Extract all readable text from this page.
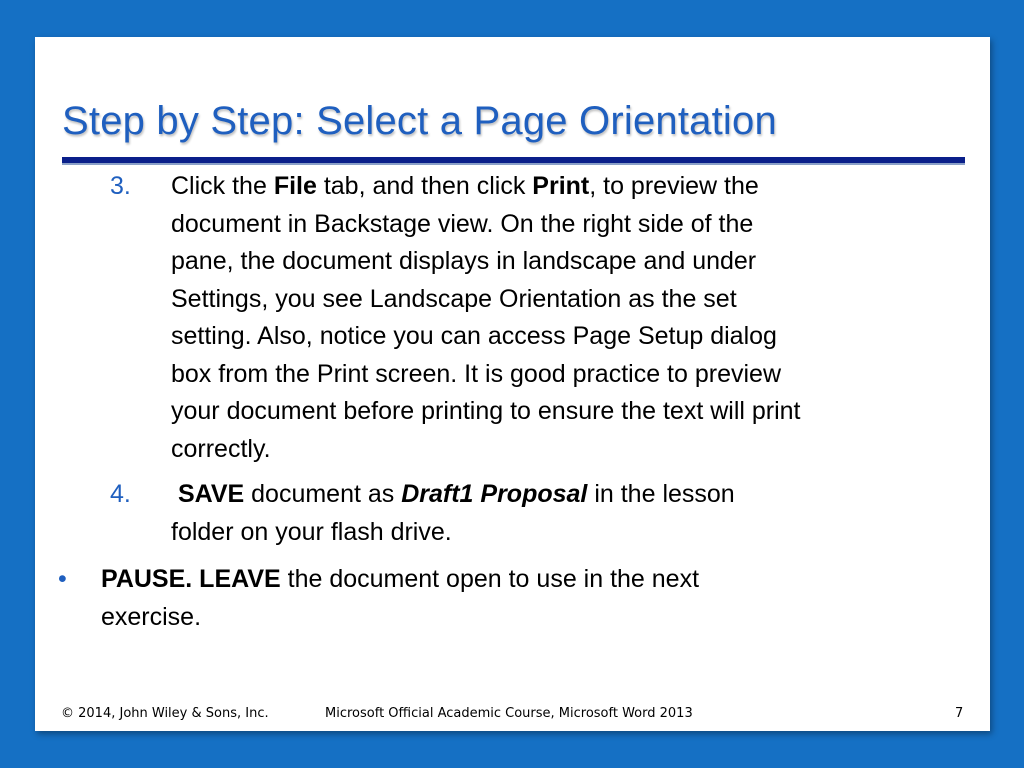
Step by Step: Select a Page Orientation
3. Click the File tab, and then click Print, to preview the
document in Backstage view. On the right side of the
pane, the document displays in landscape and under
Settings, you see Landscape Orientation as the set
setting. Also, notice you can access Page Setup dialog
box from the Print screen. It is good practice to preview
your document before printing to ensure the text will print
correctly.
4. SAVE document as Draft1 Proposal in the lesson
folder on your flash drive.
• PAUSE. LEAVE the document open to use in the next
exercise.
© 2014, John Wiley & Sons, Inc.	Microsoft Official Academic Course, Microsoft Word 2013	7
